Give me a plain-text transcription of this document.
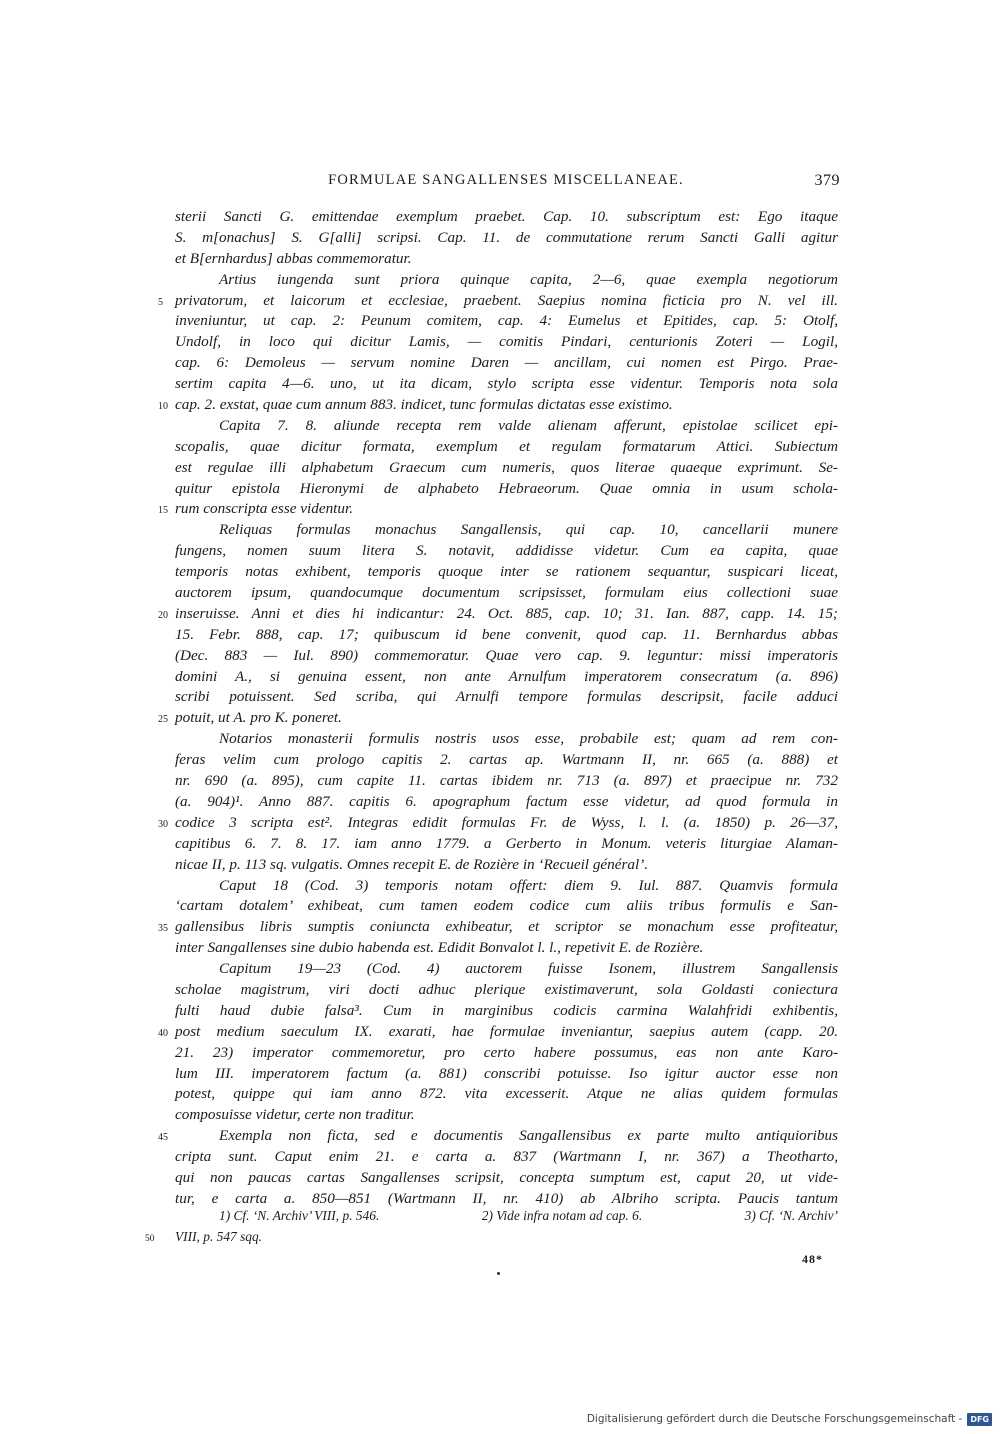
FORMULAE SANGALLENSES MISCELLANEAE.	379
sterii Sancti G. emittendae exemplum praebet. Cap. 10. subscriptum est: Ego itaque
S. m[onachus] S. G[alli] scripsi. Cap. 11. de commutatione rerum Sancti Galli agitur
et B[ernhardus] abbas commemoratur.
Artius iungenda sunt priora quinque capita, 2—6, quae exempla negotiorum
5 privatorum, et laicorum et ecclesiae, praebent. Saepius nomina ficticia pro N. vel ill.
inveniuntur, ut cap. 2: Peunum comitem, cap. 4: Eumelus et Epitides, cap. 5: Otolf,
Undolf, in loco qui dicitur Lamis, — comitis Pindari, centurionis Zoteri — Logil,
cap. 6: Demoleus — servum nomine Daren — ancillam, cui nomen est Pirgo. Prae-
sertim capita 4—6. uno, ut ita dicam, stylo scripta esse videntur. Temporis nota sola
10 cap. 2. exstat, quae cum annum 883. indicet, tunc formulas dictatas esse existimo.
Capita 7. 8. aliunde recepta rem valde alienam afferunt, epistolae scilicet epi-
scopalis, quae dicitur formata, exemplum et regulam formatarum Attici. Subiectum
est regulae illi alphabetum Graecum cum numeris, quos literae quaeque exprimunt. Se-
quitur epistola Hieronymi de alphabeto Hebraeorum. Quae omnia in usum schola-
15 rum conscripta esse videntur.
Reliquas formulas monachus Sangallensis, qui cap. 10, cancellarii munere
fungens, nomen suum litera S. notavit, addidisse videtur. Cum ea capita, quae
temporis notas exhibent, temporis quoque inter se rationem sequantur, suspicari liceat,
auctorem ipsum, quandocumque documentum scripsisset, formulam eius collectioni suae
20 inseruisse. Anni et dies hi indicantur: 24. Oct. 885, cap. 10; 31. Ian. 887, capp. 14. 15;
15. Febr. 888, cap. 17; quibuscum id bene convenit, quod cap. 11. Bernhardus abbas
(Dec. 883 — Iul. 890) commemoratur. Quae vero cap. 9. leguntur: missi imperatoris
domini A., si genuina essent, non ante Arnulfum imperatorem consecratum (a. 896)
scribi potuissent. Sed scriba, qui Arnulfi tempore formulas descripsit, facile adduci
25 potuit, ut A. pro K. poneret.
Notarios monasterii formulis nostris usos esse, probabile est; quam ad rem con-
feras velim cum prologo capitis 2. cartas ap. Wartmann II, nr. 665 (a. 888) et
nr. 690 (a. 895), cum capite 11. cartas ibidem nr. 713 (a. 897) et praecipue nr. 732
(a. 904)¹. Anno 887. capitis 6. apographum factum esse videtur, ad quod formula in
30 codice 3 scripta est². Integras edidit formulas Fr. de Wyss, l. l. (a. 1850) p. 26—37,
capitibus 6. 7. 8. 17. iam anno 1779. a Gerberto in Monum. veteris liturgiae Alaman-
nicae II, p. 113 sq. vulgatis. Omnes recepit E. de Rozière in ‘Recueil général’.
Caput 18 (Cod. 3) temporis notam offert: diem 9. Iul. 887. Quamvis formula
‘cartam dotalem’ exhibeat, cum tamen eodem codice cum aliis tribus formulis e San-
35 gallensibus libris sumptis coniuncta exhibeatur, et scriptor se monachum esse profiteatur,
inter Sangallenses sine dubio habenda est. Edidit Bonvalot l. l., repetivit E. de Rozière.
Capitum 19—23 (Cod. 4) auctorem fuisse Isonem, illustrem Sangallensis
scholae magistrum, viri docti adhuc plerique existimaverunt, sola Goldasti coniectura
fulti haud dubie falsa³. Cum in marginibus codicis carmina Walahfridi exhibentis,
40 post medium saeculum IX. exarati, hae formulae inveniantur, saepius autem (capp. 20.
21. 23) imperator commemoretur, pro certo habere possumus, eas non ante Karo-
lum III. imperatorem factum (a. 881) conscribi potuisse. Iso igitur auctor esse non
potest, quippe qui iam anno 872. vita excesserit. Atque ne alias quidem formulas
composuisse videtur, certe non traditur.
45	Exempla non ficta, sed e documentis Sangallensibus ex parte multo antiquioribus
cripta sunt. Caput enim 21. e carta a. 837 (Wartmann I, nr. 367) a Theotharto,
qui non paucas cartas Sangallenses scripsit, concepta sumptum est, caput 20, ut vide-
tur, e carta a. 850—851 (Wartmann II, nr. 410) ab Albriho scripta. Paucis tantum
1) Cf. ‘N. Archiv’ VIII, p. 546.	2) Vide infra notam ad cap. 6.	3) Cf. ‘N. Archiv’
50 VIII, p. 547 sqq.
48*
Digitalisierung gefördert durch die Deutsche Forschungsgemeinschaft -	DFG
